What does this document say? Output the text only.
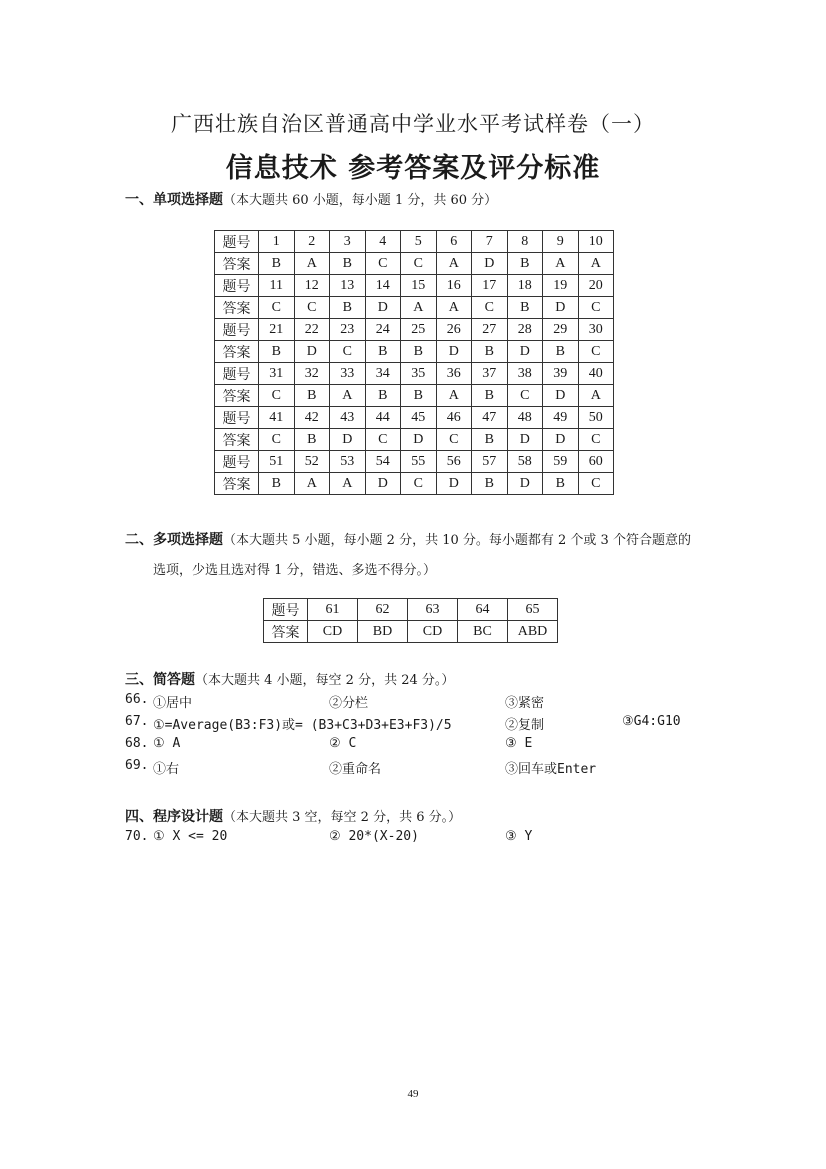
广西壮族自治区普通高中学业水平考试样卷（一）
信息技术 参考答案及评分标准
一、单项选择题（本大题共 60 小题，每小题 1 分，共 60 分）
题号	1	2	3	4	5	6	7	8	9	10
答案	B	A	B	C	C	A	D	B	A	A
题号	11	12	13	14	15	16	17	18	19	20
答案	C	C	B	D	A	A	C	B	D	C
题号	21	22	23	24	25	26	27	28	29	30
答案	B	D	C	B	B	D	B	D	B	C
题号	31	32	33	34	35	36	37	38	39	40
答案	C	B	A	B	B	A	B	C	D	A
题号	41	42	43	44	45	46	47	48	49	50
答案	C	B	D	C	D	C	B	D	D	C
题号	51	52	53	54	55	56	57	58	59	60
答案	B	A	A	D	C	D	B	D	B	C
二、多项选择题（本大题共 5 小题，每小题 2 分，共 10 分。每小题都有 2 个或 3 个符合题意的
选项，少选且选对得 1 分，错选、多选不得分。）
题号	61	62	63	64	65
答案	CD	BD	CD	BC	ABD
三、简答题（本大题共 4 小题，每空 2 分，共 24 分。）
66. ①居中	②分栏	③紧密
67. ①=Average(B3:F3)或= (B3+C3+D3+E3+F3)/5	②复制	③G4:G10
68. ① A	② C	③ E
69. ①右	②重命名	③回车或Enter
四、程序设计题（本大题共 3 空，每空 2 分，共 6 分。）
70. ① X <= 20	② 20*(X-20)	③ Y
49
